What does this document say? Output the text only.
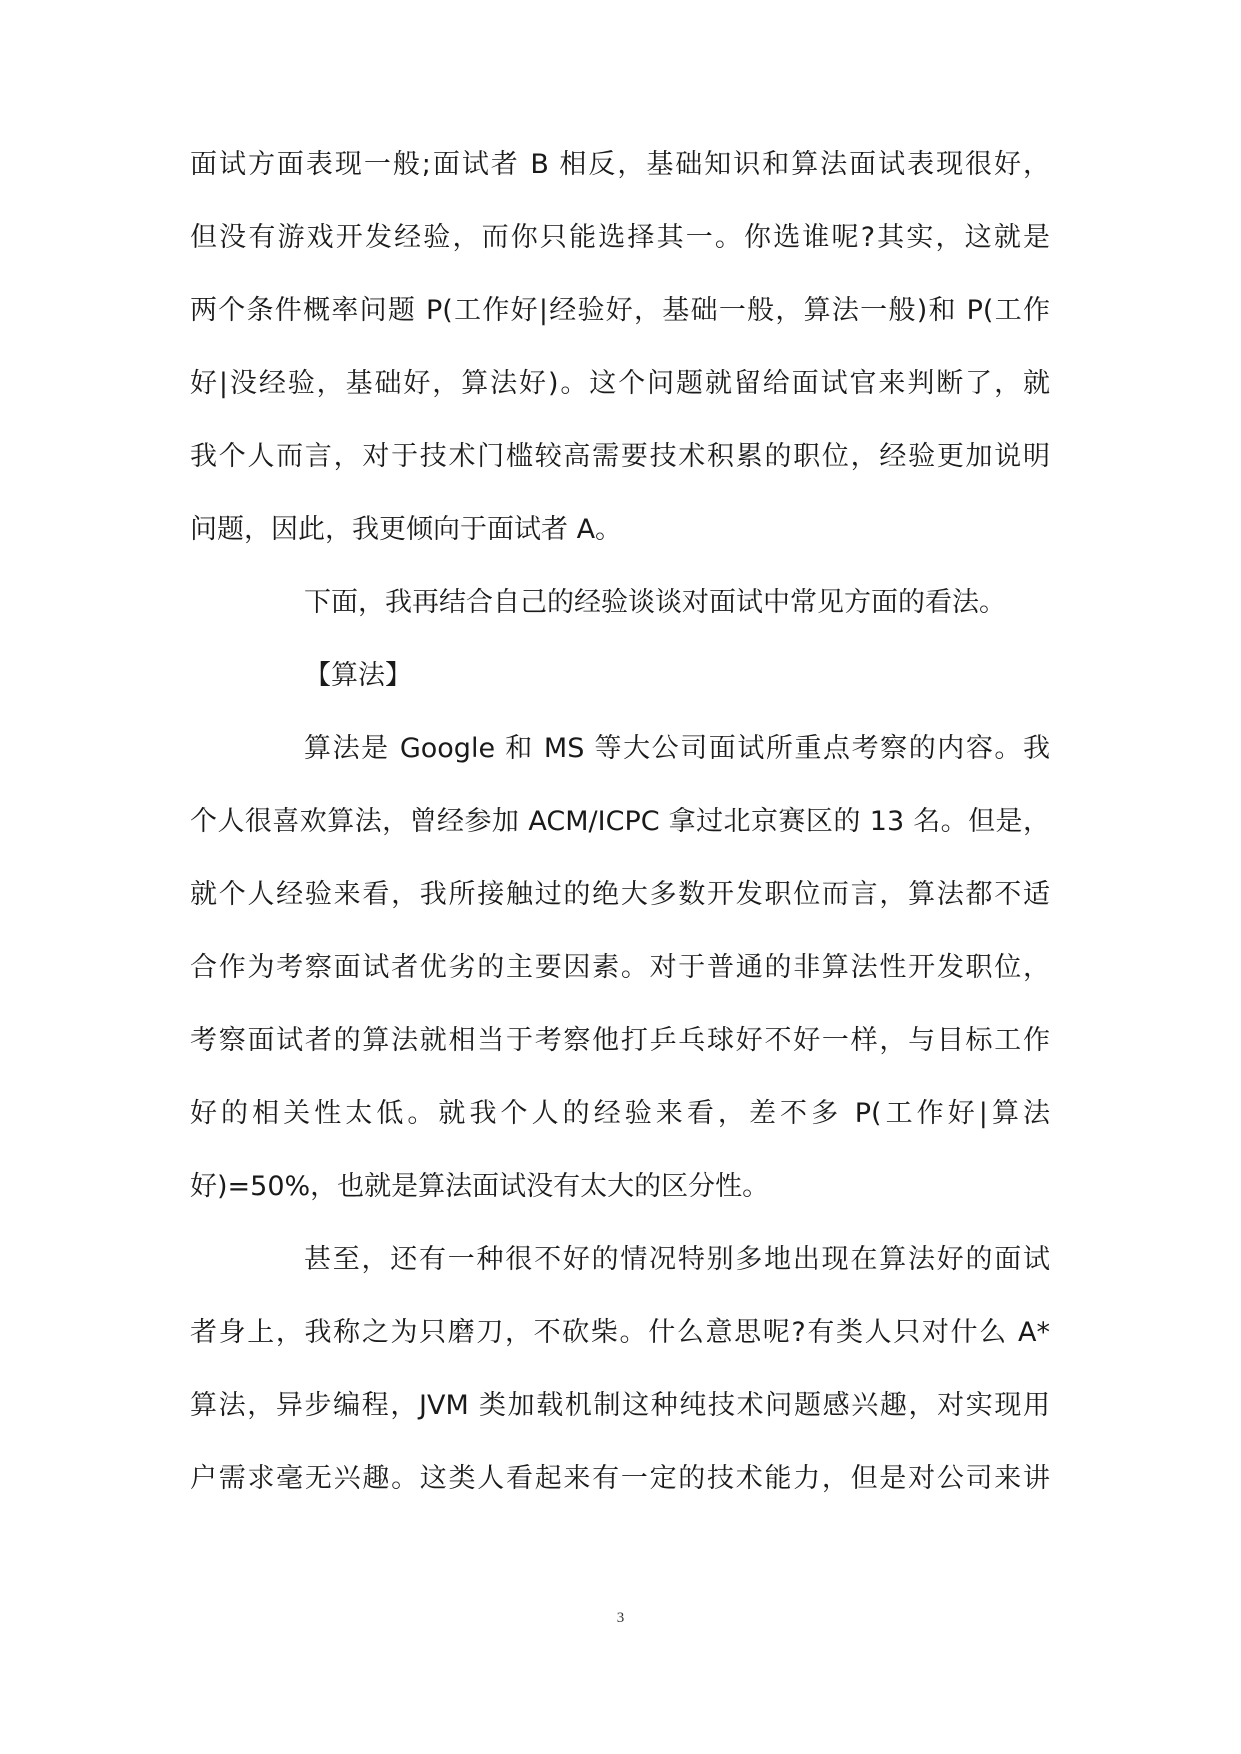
面试方面表现一般;面试者 B 相反，基础知识和算法面试表现很好，
但没有游戏开发经验，而你只能选择其一。你选谁呢?其实，这就是
两个条件概率问题 P(工作好|经验好，基础一般，算法一般)和 P(工作
好|没经验，基础好，算法好)。这个问题就留给面试官来判断了，就
我个人而言，对于技术门槛较高需要技术积累的职位，经验更加说明
问题，因此，我更倾向于面试者 A。
下面，我再结合自己的经验谈谈对面试中常见方面的看法。
【算法】
算法是 Google 和 MS 等大公司面试所重点考察的内容。我
个人很喜欢算法，曾经参加 ACM/ICPC 拿过北京赛区的 13 名。但是，
就个人经验来看，我所接触过的绝大多数开发职位而言，算法都不适
合作为考察面试者优劣的主要因素。对于普通的非算法性开发职位，
考察面试者的算法就相当于考察他打乒乓球好不好一样，与目标工作
好的相关性太低。就我个人的经验来看，差不多 P(工作好|算法
好)=50%，也就是算法面试没有太大的区分性。
甚至，还有一种很不好的情况特别多地出现在算法好的面试
者身上，我称之为只磨刀，不砍柴。什么意思呢?有类人只对什么 A*
算法，异步编程，JVM 类加载机制这种纯技术问题感兴趣，对实现用
户需求毫无兴趣。这类人看起来有一定的技术能力，但是对公司来讲
3
